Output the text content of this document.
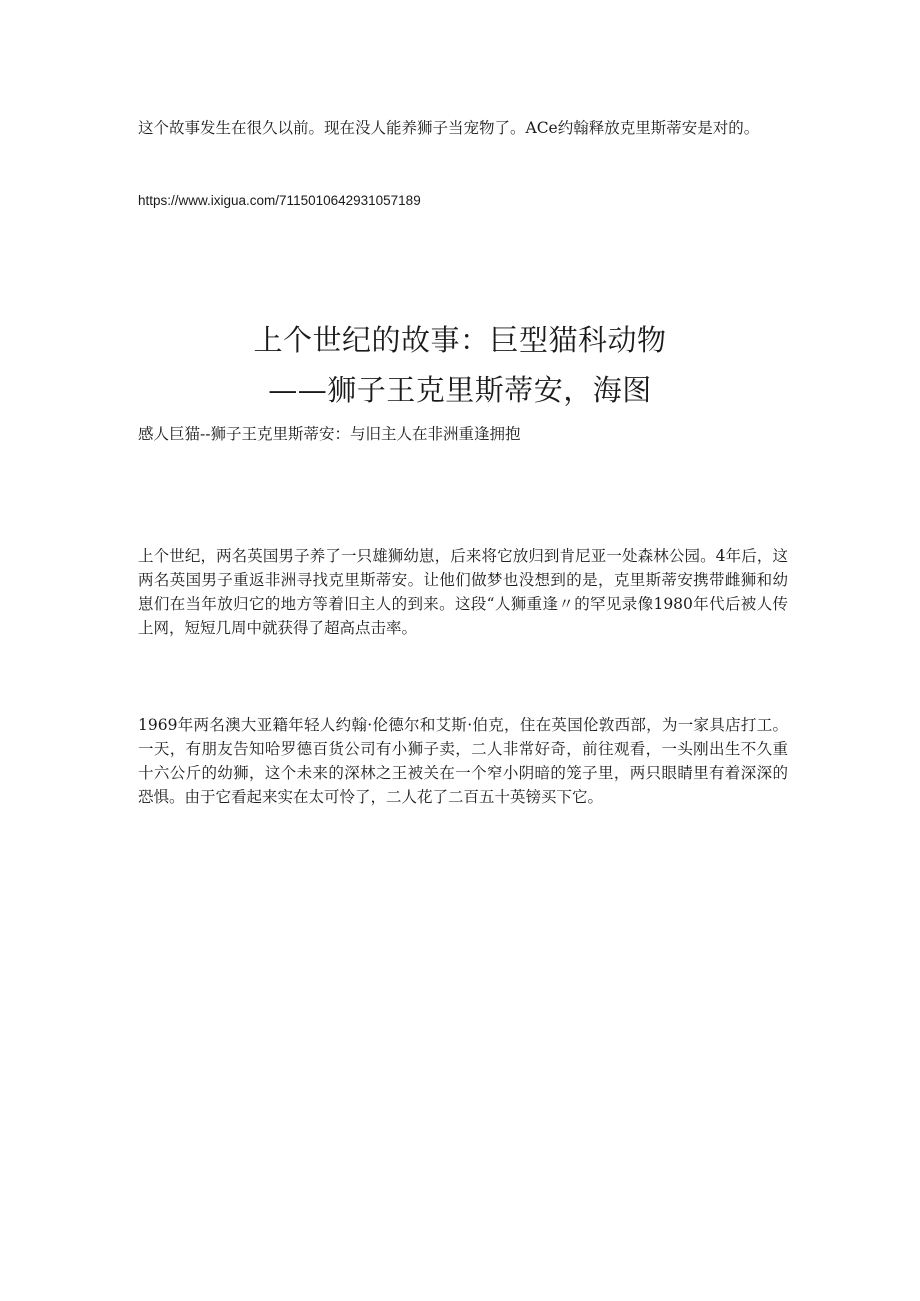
这个故事发生在很久以前。现在没人能养狮子当宠物了。ACe约翰释放克里斯蒂安是对的。

https://www.ixigua.com/7115010642931057189

上个世纪的故事：巨型猫科动物
——狮子王克里斯蒂安，海图

感人巨猫--狮子王克里斯蒂安：与旧主人在非洲重逢拥抱

上个世纪，两名英国男子养了一只雄狮幼崽，后来将它放归到肯尼亚一处森林公园。4年后，这两名英国男子重返非洲寻找克里斯蒂安。让他们做梦也没想到的是，克里斯蒂安携带雌狮和幼崽们在当年放归它的地方等着旧主人的到来。这段“人狮重逢〃的罕见录像1980年代后被人传上网，短短几周中就获得了超高点击率。

1969年两名澳大亚籍年轻人约翰·伦德尔和艾斯·伯克，住在英国伦敦西部，为一家具店打工。一天，有朋友告知哈罗德百货公司有小狮子卖，二人非常好奇，前往观看，一头刚出生不久重十六公斤的幼狮，这个未来的深林之王被关在一个窄小阴暗的笼子里，两只眼睛里有着深深的恐惧。由于它看起来实在太可怜了，二人花了二百五十英镑买下它。
